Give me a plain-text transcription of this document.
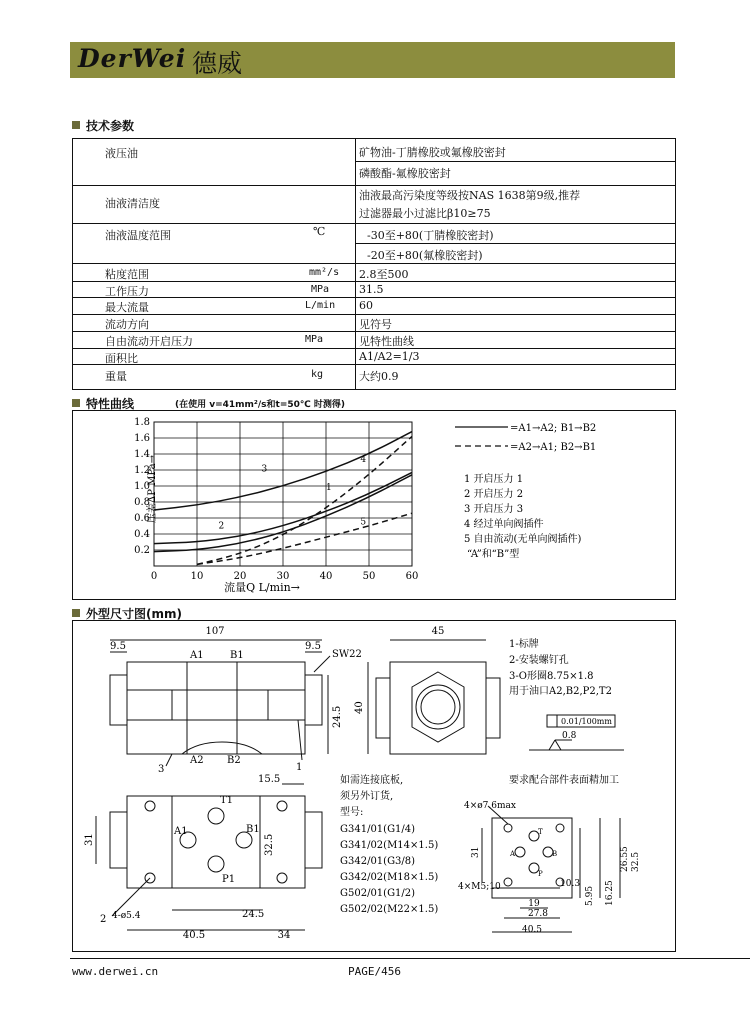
DerWei 德威
技术参数
液压油	矿物油-丁腈橡胶或氟橡胶密封
磷酸酯-氟橡胶密封
油液清洁度
油液最高污染度等级按NAS 1638第9级,推荐
过滤器最小过滤比β10≥75
油液温度范围	℃	-30至+80(丁腈橡胶密封)
-20至+80(氟橡胶密封)
粘度范围	mm²/s 2.8至500
工作压力	MPa	31.5
最大流量	L/min 60
流动方向	见符号
自由流动开启压力	MPa	见特性曲线
面积比	A1/A2=1/3
重量	kg	大约0.9
特性曲线	(在使用 v=41mm²/s和t=50℃ 时测得)
0	10	20	30	40	50	60
0.2
0.4
0.6
0.8
1.0
1.2
1.4
1.6
1.8
1
2
3
4
5
压差ΔP MPa→
流量Q L/min→
=A1→A2; B1→B2
=A2→A1; B2→B1
1 开启压力 1
2 开启压力 2
3 开启压力 3
4 经过单向阀插件
5 自由流动(无单向阀插件)
“A”和“B”型
外型尺寸图(mm)
107
9.5	9.5
SW22
A1	B1
A2 B2
24.5
3	1
45
40
1-标牌
2-安装螺钉孔
3-O形圈8.75×1.8
用于油口A2,B2,P2,T2
0.01/100mm
0.8
要求配合部件表面精加工
15.5
T1
A1	B1
P1
31	32.5
24.5
40.5	34
4-ø5.4
2
如需连接底板,
须另外订货,
型号:
G341/01(G1/4)
G341/02(M14×1.5)
G342/01(G3/8)
G342/02(M18×1.5)
G502/01(G1/2)
G502/02(M22×1.5)
4×ø7.6max
4×M5;10
31
10.3
19
27.8
40.5
5.95 16.25
26.55 32.5
A	B
P
T
www.derwei.cn	PAGE/456
